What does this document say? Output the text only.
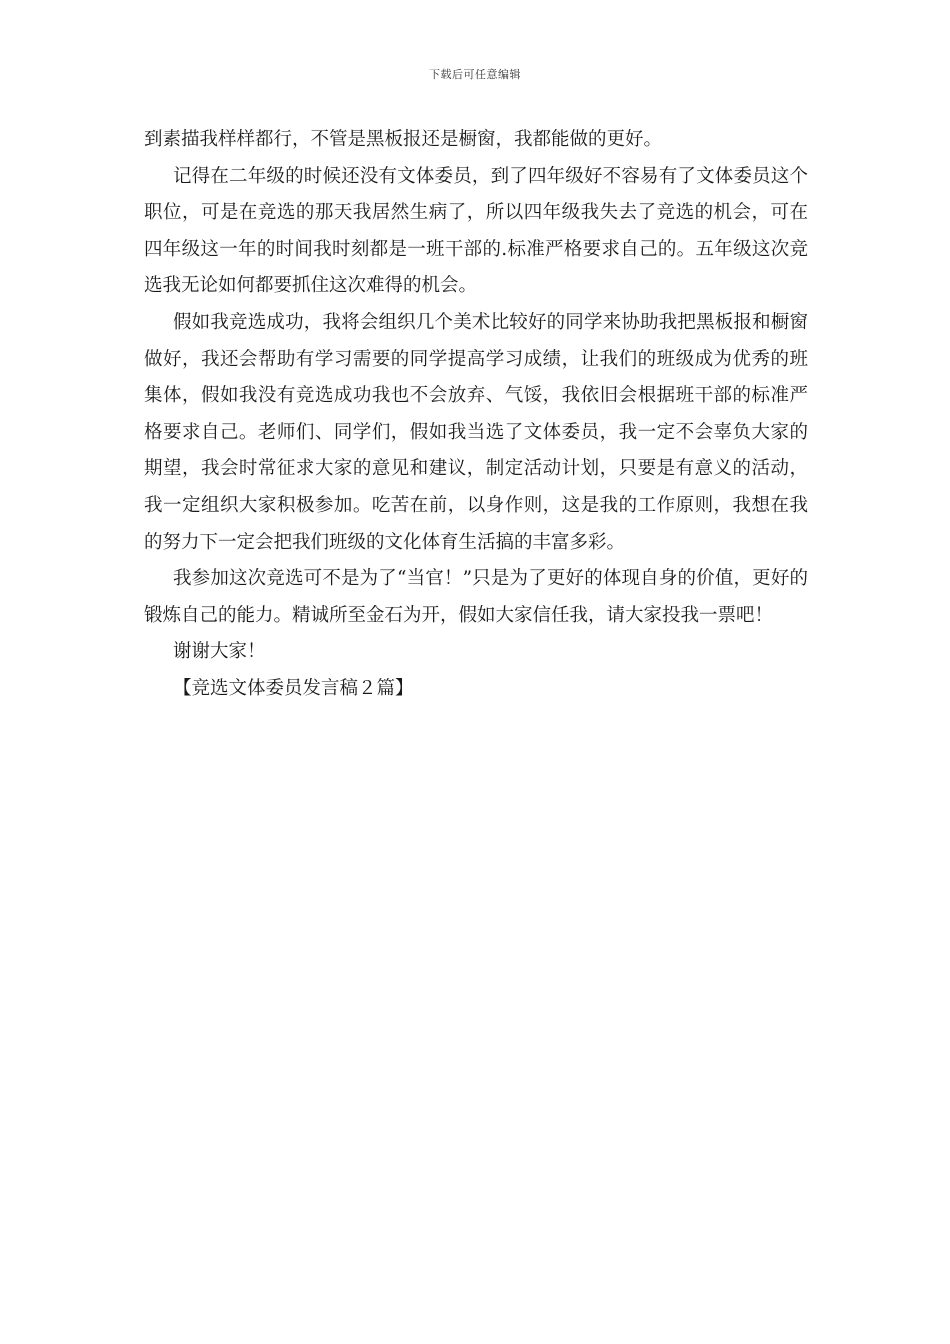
下载后可任意编辑

到素描我样样都行，不管是黑板报还是橱窗，我都能做的更好。

记得在二年级的时候还没有文体委员，到了四年级好不容易有了文体委员这个职位，可是在竞选的那天我居然生病了，所以四年级我失去了竞选的机会，可在四年级这一年的时间我时刻都是一班干部的.标准严格要求自己的。五年级这次竞选我无论如何都要抓住这次难得的机会。

假如我竞选成功，我将会组织几个美术比较好的同学来协助我把黑板报和橱窗做好，我还会帮助有学习需要的同学提高学习成绩，让我们的班级成为优秀的班集体，假如我没有竞选成功我也不会放弃、气馁，我依旧会根据班干部的标准严格要求自己。老师们、同学们，假如我当选了文体委员，我一定不会辜负大家的期望，我会时常征求大家的意见和建议，制定活动计划，只要是有意义的活动，我一定组织大家积极参加。吃苦在前，以身作则，这是我的工作原则，我想在我的努力下一定会把我们班级的文化体育生活搞的丰富多彩。

我参加这次竞选可不是为了“当官！”只是为了更好的体现自身的价值，更好的锻炼自己的能力。精诚所至金石为开，假如大家信任我，请大家投我一票吧！

谢谢大家！

【竞选文体委员发言稿２篇】
